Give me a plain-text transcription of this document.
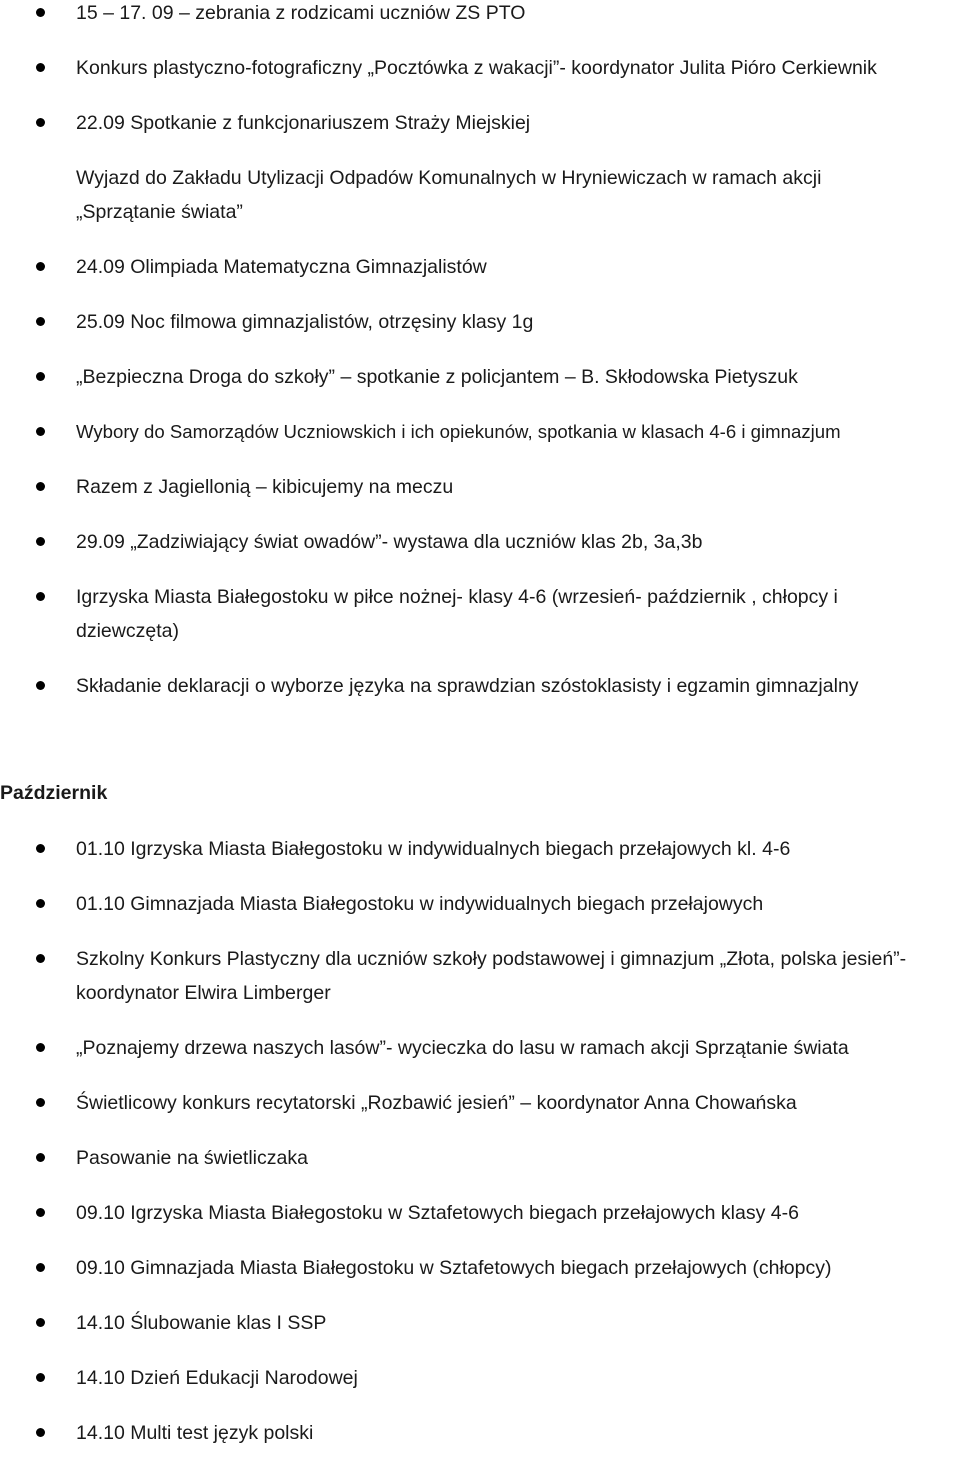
15 – 17. 09 – zebrania z rodzicami uczniów ZS PTO
Konkurs plastyczno-fotograficzny „Pocztówka z wakacji”- koordynator Julita Pióro Cerkiewnik
22.09 Spotkanie z funkcjonariuszem Straży Miejskiej
Wyjazd do Zakładu Utylizacji Odpadów Komunalnych w Hryniewiczach w ramach akcji „Sprzątanie świata”
24.09 Olimpiada Matematyczna Gimnazjalistów
25.09 Noc filmowa gimnazjalistów, otrzęsiny klasy 1g
„Bezpieczna Droga do szkoły” – spotkanie z policjantem – B. Skłodowska Pietyszuk
Wybory do Samorządów Uczniowskich i ich opiekunów, spotkania w klasach 4-6 i gimnazjum
Razem z Jagiellonią – kibicujemy na meczu
29.09 „Zadziwiający świat owadów”- wystawa dla uczniów klas 2b, 3a,3b
Igrzyska Miasta Białegostoku w piłce nożnej- klasy 4-6 (wrzesień- październik , chłopcy i dziewczęta)
Składanie deklaracji o wyborze języka na sprawdzian szóstoklasisty i egzamin gimnazjalny
Październik
01.10 Igrzyska Miasta Białegostoku w indywidualnych biegach przełajowych kl. 4-6
01.10 Gimnazjada Miasta Białegostoku w indywidualnych biegach przełajowych
Szkolny Konkurs Plastyczny dla uczniów szkoły podstawowej i gimnazjum „Złota, polska jesień”- koordynator Elwira Limberger
„Poznajemy drzewa naszych lasów”- wycieczka do lasu w ramach akcji Sprzątanie świata
Świetlicowy konkurs recytatorski „Rozbawić jesień” – koordynator Anna Chowańska
Pasowanie na świetliczaka
09.10 Igrzyska Miasta Białegostoku w Sztafetowych biegach przełajowych klasy 4-6
09.10 Gimnazjada Miasta Białegostoku w Sztafetowych biegach przełajowych (chłopcy)
14.10 Ślubowanie klas I SSP
14.10 Dzień Edukacji Narodowej
14.10 Multi test język polski
